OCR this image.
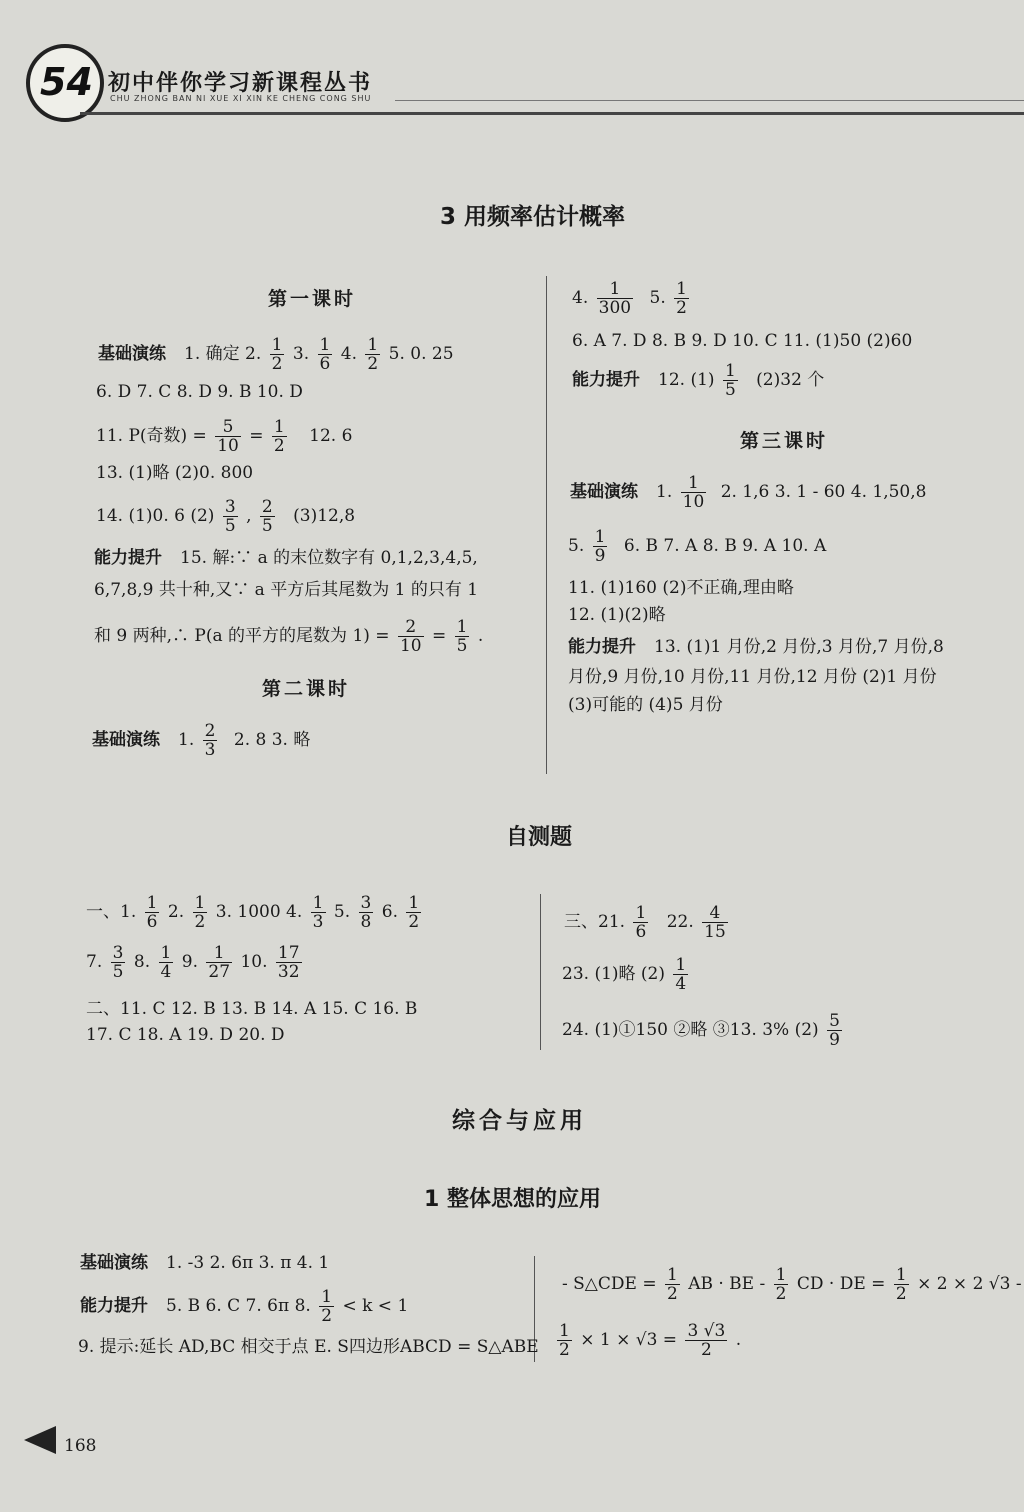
54 初中伴你学习新课程丛书
CHU ZHONG BAN NI XUE XI XIN KE CHENG CONG SHU
3 用频率估计概率
第一课时
基础演练 1. 确定 2. $\frac{1}{2} 3$. $\frac{1}{6} 4$. $\frac{1}{2} 5$. 0. 25
6. D 7. C 8. D 9. B 10. D
11. P(奇数) = $\frac{5}{10} = \frac{1}{2} 12$. 6
13. (1)略 (2)0. 800
14. (1)0. 6 $(2) \frac{3}{5}$ , $\frac{2}{5} (3)12,8$
能力提升 15. 解:∵ a 的末位数字有 0,1,2,3,4,5,
6,7,8,9 共十种,又∵ a 平方后其尾数为 1 的只有 1
和 9 两种,∴ P(a 的平方的尾数为 $1) = \frac{2}{10} = \frac{1}{5}$ .
第二课时
基础演练 1. $\frac{2}{3} 2$. 8 3. 略
4. $\frac{1}{300} 5$. $\frac{1}{2}$
6. A 7. D 8. B 9. D 10. C 11. (1)50 (2)60
能力提升 12. $(1) \frac{1}{5} (2)32$ 个
第三课时
基础演练 1. $\frac{1}{10} 2$. 1,6 3. 1 - 60 4. 1,50,8
5. $\frac{1}{9} 6$. B 7. A 8. B 9. A 10. A
11. (1)160 (2)不正确,理由略
12. (1)(2)略
能力提升 13. (1)1 月份,2 月份,3 月份,7 月份,8
月份,9 月份,10 月份,11 月份,12 月份 (2)1 月份
(3)可能的 (4)5 月份
自测题
一、1. $\frac{1}{6} 2$. $\frac{1}{2} 3$. 1000 4. $\frac{1}{3} 5$. $\frac{3}{8} 6$. $\frac{1}{2}$
7. $\frac{3}{5} 8$. $\frac{1}{4} 9$. $\frac{1}{27} 10$. $\frac{17}{32}$
二、11. C 12. B 13. B 14. A 15. C 16. B
17. C 18. A 19. D 20. D
三、21. $\frac{1}{6} 22$. $\frac{4}{15}$
23. (1)略 $(2) \frac{1}{4}$
24. (1)①150 ②略 ③13. 3% $(2) \frac{5}{9}$
综合与应用
1 整体思想的应用
基础演练 1. -3 2. 6π 3. π 4. 1
能力提升 5. B 6. C 7. 6π 8. $\frac{1}{2} < k < 1$
9. 提示:延长 AD,BC 相交于点 E. S四边形ABCD = S△ABE
- S△CDE = $\frac{1}{2}$ AB · BE - $\frac{1}{2}$ CD · DE = $\frac{1}{2} \times 2 \times 2$ √3 -
$\frac{1}{2} \times 1 \times √3 = \frac{3 √3}{2}$ .
168
